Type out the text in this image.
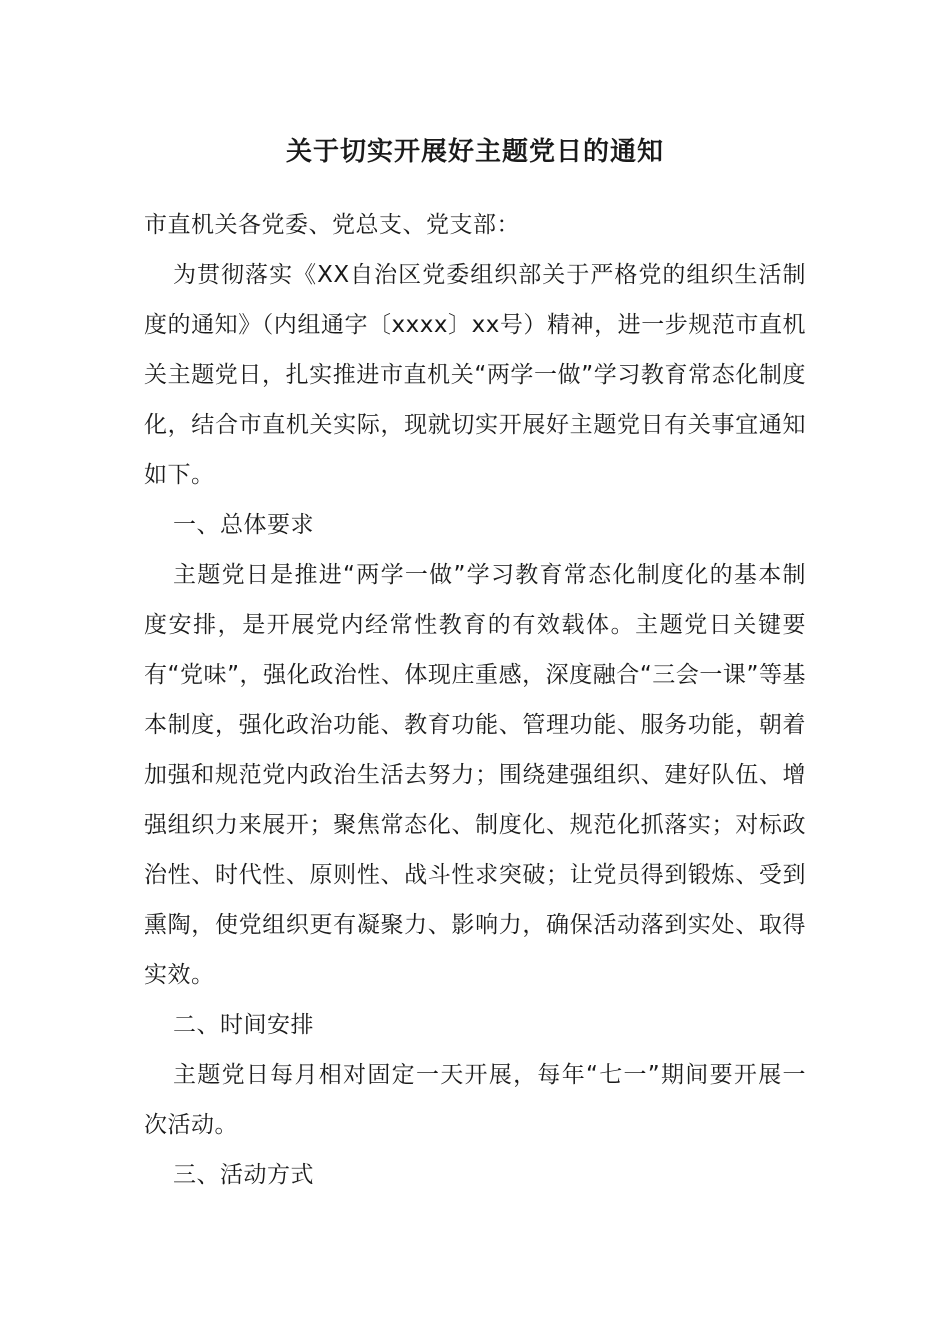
关于切实开展好主题党日的通知

市直机关各党委、党总支、党支部：

为贯彻落实《XX自治区党委组织部关于严格党的组织生活制度的通知》（内组通字〔xxxx〕xx号）精神，进一步规范市直机关主题党日，扎实推进市直机关“两学一做”学习教育常态化制度化，结合市直机关实际，现就切实开展好主题党日有关事宜通知如下。

一、总体要求

主题党日是推进“两学一做”学习教育常态化制度化的基本制度安排，是开展党内经常性教育的有效载体。主题党日关键要有“党味”，强化政治性、体现庄重感，深度融合“三会一课”等基本制度，强化政治功能、教育功能、管理功能、服务功能，朝着加强和规范党内政治生活去努力；围绕建强组织、建好队伍、增强组织力来展开；聚焦常态化、制度化、规范化抓落实；对标政治性、时代性、原则性、战斗性求突破；让党员得到锻炼、受到熏陶，使党组织更有凝聚力、影响力，确保活动落到实处、取得实效。

二、时间安排

主题党日每月相对固定一天开展，每年“七一”期间要开展一次活动。

三、活动方式
